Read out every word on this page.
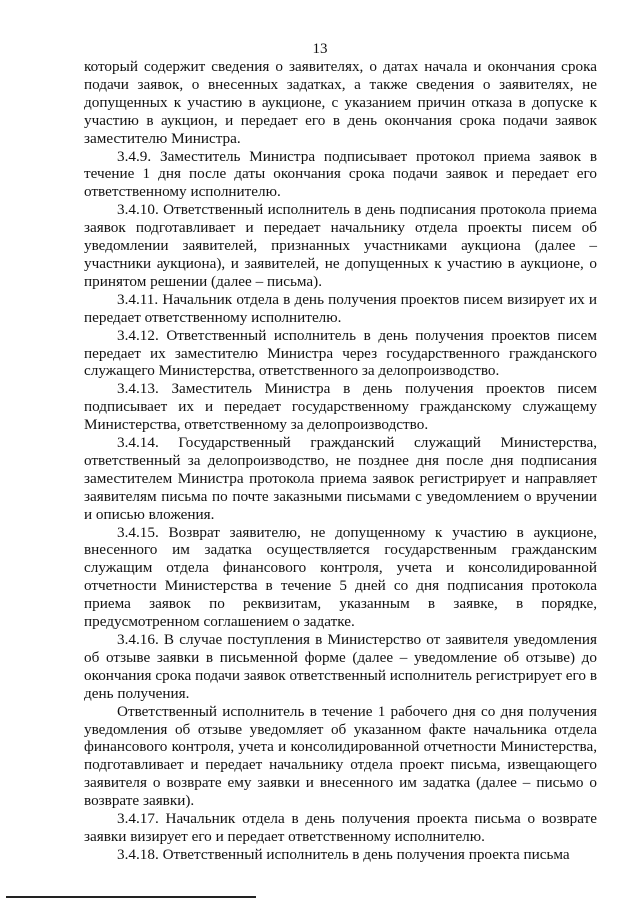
13

который содержит сведения о заявителях, о датах начала и окончания срока подачи заявок, о внесенных задатках, а также сведения о заявителях, не допущенных к участию в аукционе, с указанием причин отказа в допуске к участию в аукцион, и передает его в день окончания срока подачи заявок заместителю Министра.

3.4.9. Заместитель Министра подписывает протокол приема заявок в течение 1 дня после даты окончания срока подачи заявок и передает его ответственному исполнителю.

3.4.10. Ответственный исполнитель в день подписания протокола приема заявок подготавливает и передает начальнику отдела проекты писем об уведомлении заявителей, признанных участниками аукциона (далее – участники аукциона), и заявителей, не допущенных к участию в аукционе, о принятом решении (далее – письма).

3.4.11. Начальник отдела в день получения проектов писем визирует их и передает ответственному исполнителю.

3.4.12. Ответственный исполнитель в день получения проектов писем передает их заместителю Министра через государственного гражданского служащего Министерства, ответственного за делопроизводство.

3.4.13. Заместитель Министра в день получения проектов писем подписывает их и передает государственному гражданскому служащему Министерства, ответственному за делопроизводство.

3.4.14. Государственный гражданский служащий Министерства, ответственный за делопроизводство, не позднее дня после дня подписания заместителем Министра протокола приема заявок регистрирует и направляет заявителям письма по почте заказными письмами с уведомлением о вручении и описью вложения.

3.4.15. Возврат заявителю, не допущенному к участию в аукционе, внесенного им задатка осуществляется государственным гражданским служащим отдела финансового контроля, учета и консолидированной отчетности Министерства в течение 5 дней со дня подписания протокола приема заявок по реквизитам, указанным в заявке, в порядке, предусмотренном соглашением о задатке.

3.4.16. В случае поступления в Министерство от заявителя уведомления об отзыве заявки в письменной форме (далее – уведомление об отзыве) до окончания срока подачи заявок ответственный исполнитель регистрирует его в день получения.

Ответственный исполнитель в течение 1 рабочего дня со дня получения уведомления об отзыве уведомляет об указанном факте начальника отдела финансового контроля, учета и консолидированной отчетности Министерства, подготавливает и передает начальнику отдела проект письма, извещающего заявителя о возврате ему заявки и внесенного им задатка (далее – письмо о возврате заявки).

3.4.17. Начальник отдела в день получения проекта письма о возврате заявки визирует его и передает ответственному исполнителю.

3.4.18. Ответственный исполнитель в день получения проекта письма
